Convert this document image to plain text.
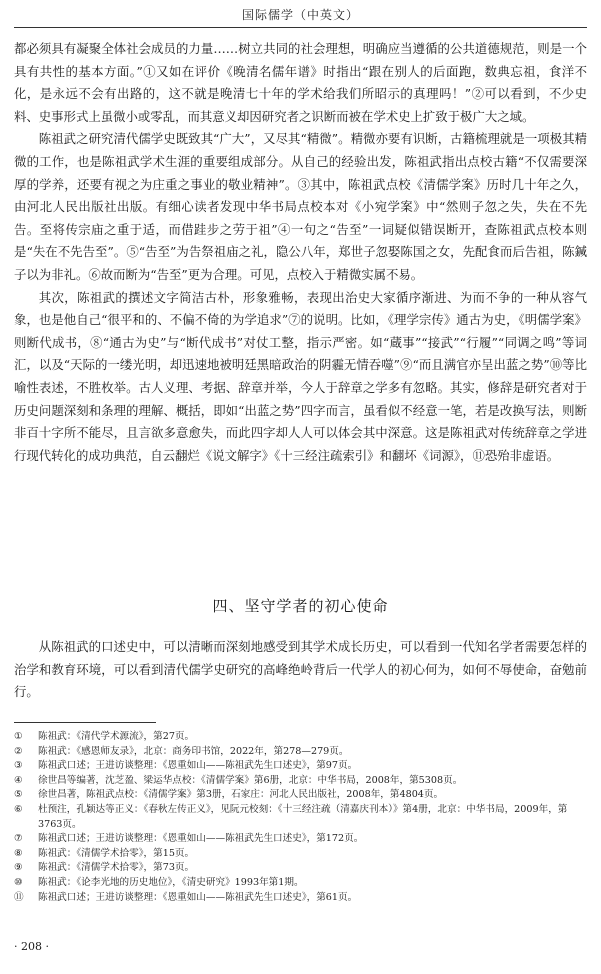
国际儒学（中英文）

都必须具有凝聚全体社会成员的力量……树立共同的社会理想，明确应当遵循的公共道德规范，则是一个具有共性的基本方面。”①又如在评价《晚清名儒年谱》时指出“跟在别人的后面跑，数典忘祖，食洋不化，是永远不会有出路的，这不就是晚清七十年的学术给我们所昭示的真理吗！”②可以看到，不少史料、史事形式上虽微小或零乱，而其意义却因研究者之识断而被在学术史上扩致于极广大之域。

陈祖武之研究清代儒学史既致其“广大”，又尽其“精微”。精微亦要有识断，古籍梳理就是一项极其精微的工作，也是陈祖武学术生涯的重要组成部分。从自己的经验出发，陈祖武指出点校古籍“不仅需要深厚的学养，还要有视之为庄重之事业的敬业精神”。③其中，陈祖武点校《清儒学案》历时几十年之久，由河北人民出版社出版。有细心读者发现中华书局点校本对《小宛学案》中“然则子忽之失，失在不先告。至将传宗庙之重于适，而借跬步之劳于祖”④一句之“告至”一词疑似错误断开，查陈祖武点校本则是“失在不先告至”。⑤“告至”为告祭祖庙之礼，隐公八年，郑世子忽娶陈国之女，先配食而后告祖，陈鍼子以为非礼。⑥故而断为“告至”更为合理。可见，点校入于精微实属不易。

其次，陈祖武的撰述文字简洁古朴，形象雅畅，表现出治史大家循序渐进、为而不争的一种从容气象，也是他自己“很平和的、不偏不倚的为学追求”⑦的说明。比如，《理学宗传》通古为史，《明儒学案》则断代成书，⑧“通古为史”与“断代成书”对仗工整，指示严密。如“蔵事”“接武”“行履”“同调之鸣”等词汇，以及“天际的一缕光明，却迅速地被明廷黑暗政治的阴霾无情吞噬”⑨“而且满官亦呈出蓝之势”⑩等比喻性表述，不胜枚举。古人义理、考据、辞章并举，今人于辞章之学多有忽略。其实，修辞是研究者对于历史问题深刻和条理的理解、概括，即如“出蓝之势”四字而言，虽看似不经意一笔，若是改换写法，则断非百十字所不能尽，且言欲多意愈失，而此四字却人人可以体会其中深意。这是陈祖武对传统辞章之学进行现代转化的成功典范，自云翻烂《说文解字》《十三经注疏索引》和翻坏《词源》，⑪恐殆非虚语。

四、坚守学者的初心使命

从陈祖武的口述史中，可以清晰而深刻地感受到其学术成长历史，可以看到一代知名学者需要怎样的治学和教育环境，可以看到清代儒学史研究的高峰绝岭背后一代学人的初心何为，如何不辱使命，奋勉前行。

①	陈祖武：《清代学术源流》，第27页。
②	陈祖武：《感恩师友录》，北京：商务印书馆，2022年，第278—279页。
③	陈祖武口述；王进访谈整理：《恩重如山——陈祖武先生口述史》，第97页。
④	徐世昌等编著，沈芝盈、梁运华点校：《清儒学案》第6册，北京：中华书局，2008年，第5308页。
⑤	徐世昌著，陈祖武点校：《清儒学案》第3册，石家庄：河北人民出版社，2008年，第4804页。
⑥	杜预注，孔颖达等正义：《春秋左传正义》，见阮元校刻：《十三经注疏（清嘉庆刊本）》第4册，北京：中华书局，2009年，第3763页。
⑦	陈祖武口述；王进访谈整理：《恩重如山——陈祖武先生口述史》，第172页。
⑧	陈祖武：《清儒学术拾零》，第15页。
⑨	陈祖武：《清儒学术拾零》，第73页。
⑩	陈祖武：《论李光地的历史地位》，《清史研究》1993年第1期。
⑪	陈祖武口述；王进访谈整理：《恩重如山——陈祖武先生口述史》，第61页。
· 208 ·
